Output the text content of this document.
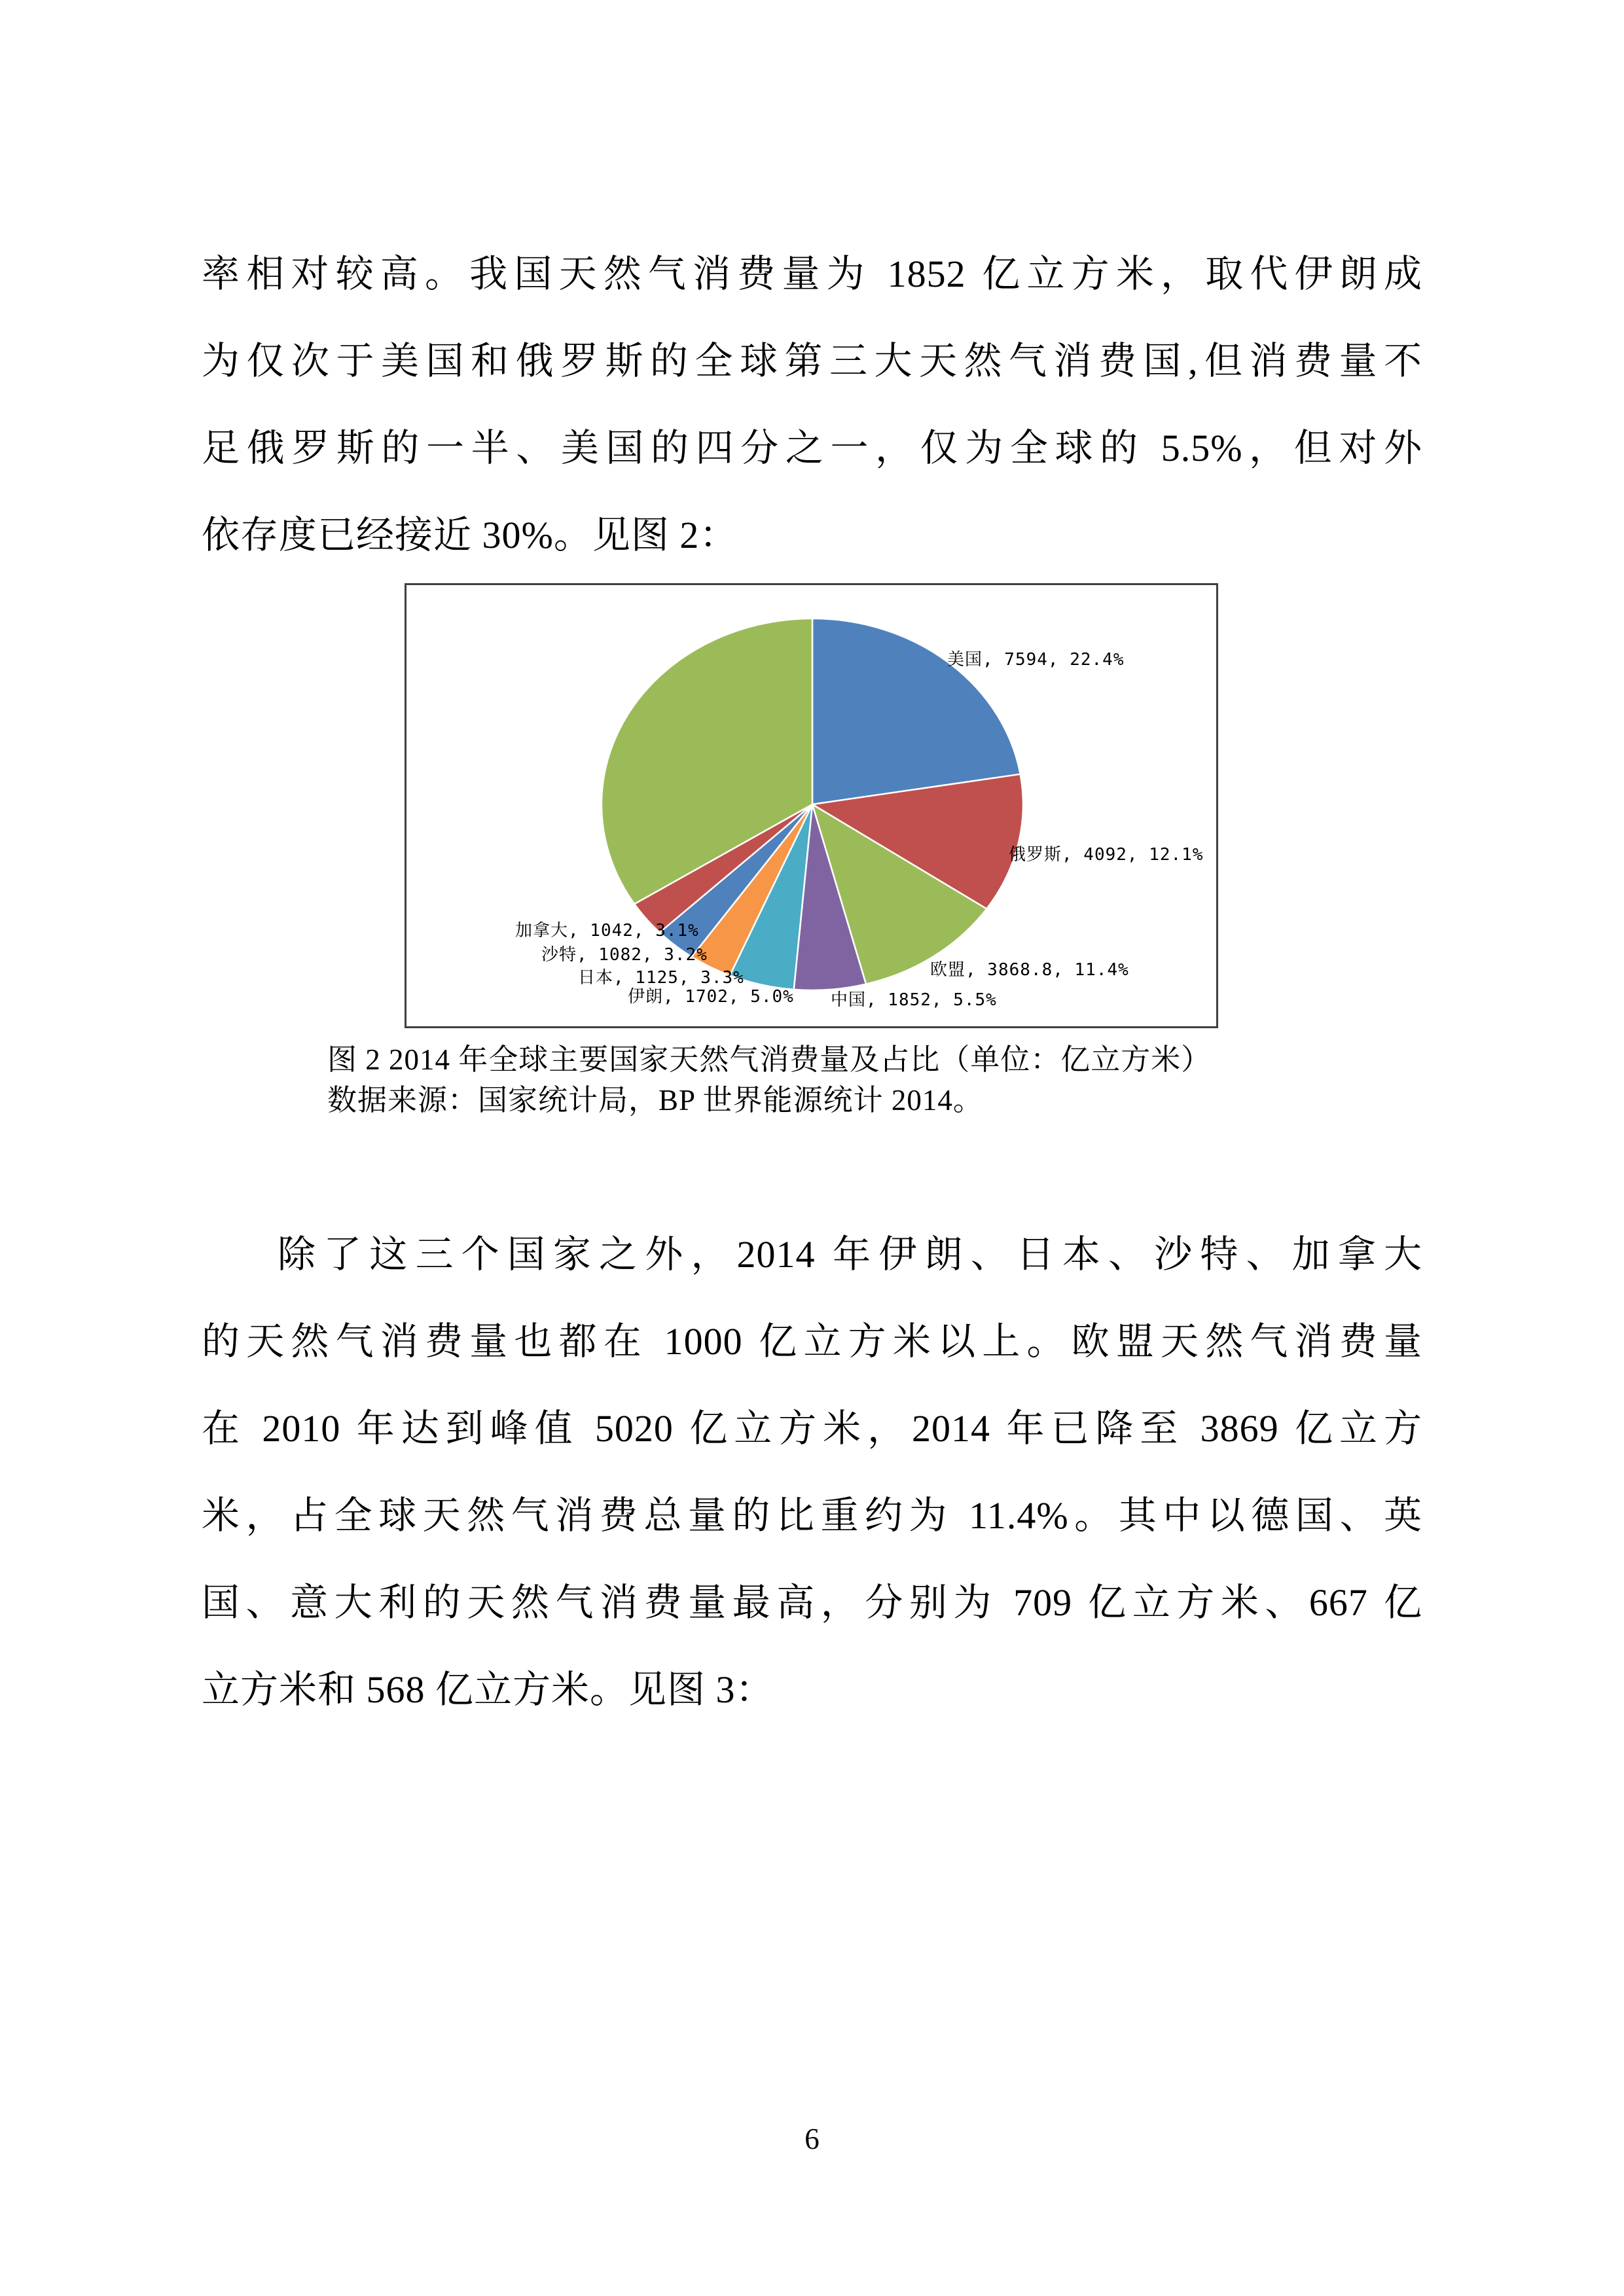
率相对较高。我国天然气消费量为 1852 亿立方米，取代伊朗成
为仅次于美国和俄罗斯的全球第三大天然气消费国,但消费量不
足俄罗斯的一半、美国的四分之一，仅为全球的 5.5%，但对外
依存度已经接近 30%。见图 2：
美国, 7594, 22.4%
俄罗斯, 4092, 12.1%
欧盟, 3868.8, 11.4%
中国, 1852, 5.5%
伊朗, 1702, 5.0%
日本, 1125, 3.3%
沙特, 1082, 3.2%
加拿大, 1042, 3.1%
图 2 2014 年全球主要国家天然气消费量及占比（单位：亿立方米）
数据来源：国家统计局，BP 世界能源统计 2014。
除了这三个国家之外，2014 年伊朗、日本、沙特、加拿大
的天然气消费量也都在 1000 亿立方米以上。欧盟天然气消费量
在 2010 年达到峰值 5020 亿立方米，2014 年已降至 3869 亿立方
米，占全球天然气消费总量的比重约为 11.4%。其中以德国、英
国、意大利的天然气消费量最高，分别为 709 亿立方米、667 亿
立方米和 568 亿立方米。见图 3：
6
